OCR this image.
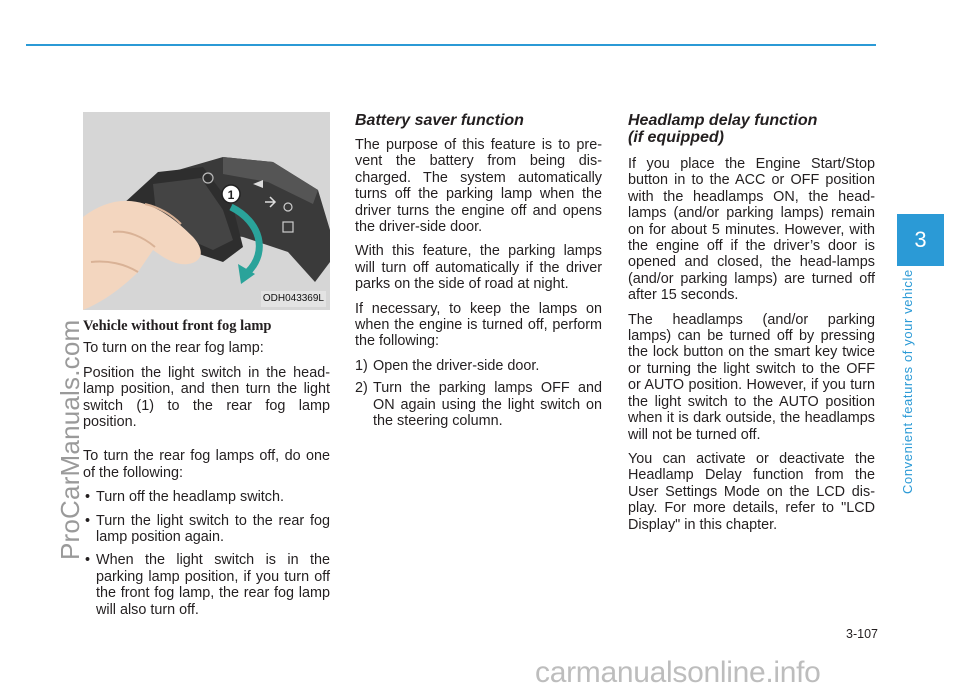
ProCarManuals.com
1
ODH043369L

Vehicle without front fog lamp

To turn on the rear fog lamp:

Position the light switch in the head-lamp position, and then turn the light switch (1) to the rear fog lamp position.

To turn the rear fog lamps off, do one of the following:

• Turn off the headlamp switch.
• Turn the light switch to the rear fog lamp position again.
• When the light switch is in the parking lamp position, if you turn off the front fog lamp, the rear fog lamp will also turn off.
Battery saver function

The purpose of this feature is to pre-vent the battery from being dis-charged. The system automatically turns off the parking lamp when the driver turns the engine off and opens the driver-side door.

With this feature, the parking lamps will turn off automatically if the driver parks on the side of road at night.

If necessary, to keep the lamps on when the engine is turned off, perform the following:

1) Open the driver-side door.
2) Turn the parking lamps OFF and ON again using the light switch on the steering column.
Headlamp delay function
(if equipped)

If you place the Engine Start/Stop button in to the ACC or OFF position with the headlamps ON, the head-lamps (and/or parking lamps) remain on for about 5 minutes. However, with the engine off if the driver’s door is opened and closed, the head-lamps (and/or parking lamps) are turned off after 15 seconds.

The headlamps (and/or parking lamps) can be turned off by pressing the lock button on the smart key twice or turning the light switch to the OFF or AUTO position. However, if you turn the light switch to the AUTO position when it is dark outside, the headlamps will not be turned off.

You can activate or deactivate the Headlamp Delay function from the User Settings Mode on the LCD dis-play. For more details, refer to "LCD Display" in this chapter.

3
Convenient features of your vehicle
3-107
carmanualsonline.info
